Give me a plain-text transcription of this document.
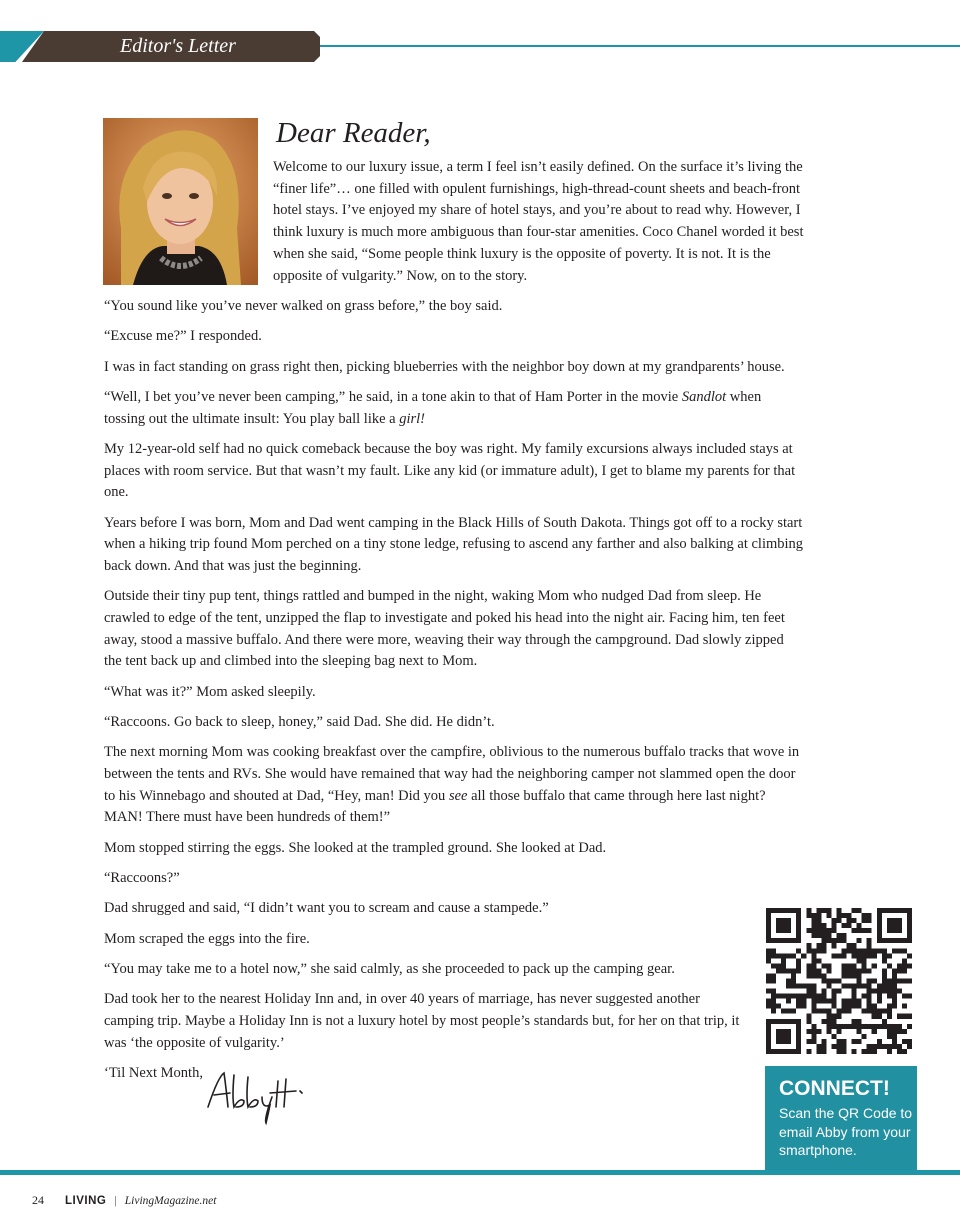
Editor's Letter
Dear Reader,

Welcome to our luxury issue, a term I feel isn’t easily defined. On the surface it’s living the “finer life”… one filled with opulent furnishings, high-thread-count sheets and beach-front hotel stays. I’ve enjoyed my share of hotel stays, and you’re about to read why. However, I think luxury is much more ambiguous than four-star amenities. Coco Chanel worded it best when she said, “Some people think luxury is the opposite of poverty. It is not. It is the opposite of vulgarity.” Now, on to the story.

“You sound like you’ve never walked on grass before,” the boy said.

“Excuse me?” I responded.

I was in fact standing on grass right then, picking blueberries with the neighbor boy down at my grandparents’ house.

“Well, I bet you’ve never been camping,” he said, in a tone akin to that of Ham Porter in the movie Sandlot when tossing out the ultimate insult: You play ball like a girl!

My 12-year-old self had no quick comeback because the boy was right. My family excursions always included stays at places with room service. But that wasn’t my fault. Like any kid (or immature adult), I get to blame my parents for that one.

Years before I was born, Mom and Dad went camping in the Black Hills of South Dakota. Things got off to a rocky start when a hiking trip found Mom perched on a tiny stone ledge, refusing to ascend any farther and also balking at climbing back down. And that was just the beginning.

Outside their tiny pup tent, things rattled and bumped in the night, waking Mom who nudged Dad from sleep. He crawled to edge of the tent, unzipped the flap to investigate and poked his head into the night air. Facing him, ten feet away, stood a massive buffalo. And there were more, weaving their way through the campground. Dad slowly zipped the tent back up and climbed into the sleeping bag next to Mom.

“What was it?” Mom asked sleepily.

“Raccoons. Go back to sleep, honey,” said Dad. She did. He didn’t.

The next morning Mom was cooking breakfast over the campfire, oblivious to the numerous buffalo tracks that wove in between the tents and RVs. She would have remained that way had the neighboring camper not slammed open the door to his Winnebago and shouted at Dad, “Hey, man! Did you see all those buffalo that came through here last night? MAN! There must have been hundreds of them!”

Mom stopped stirring the eggs. She looked at the trampled ground. She looked at Dad.

“Raccoons?”

Dad shrugged and said, “I didn’t want you to scream and cause a stampede.”

Mom scraped the eggs into the fire.

“You may take me to a hotel now,” she said calmly, as she proceeded to pack up the camping gear.

Dad took her to the nearest Holiday Inn and, in over 40 years of marriage, has never suggested another camping trip. Maybe a Holiday Inn is not a luxury hotel by most people’s standards but, for her on that trip, it was ‘the opposite of vulgarity.’

‘Til Next Month,
CONNECT!
Scan the QR Code to email Abby from your smartphone.
24 LIVING | LivingMagazine.net
